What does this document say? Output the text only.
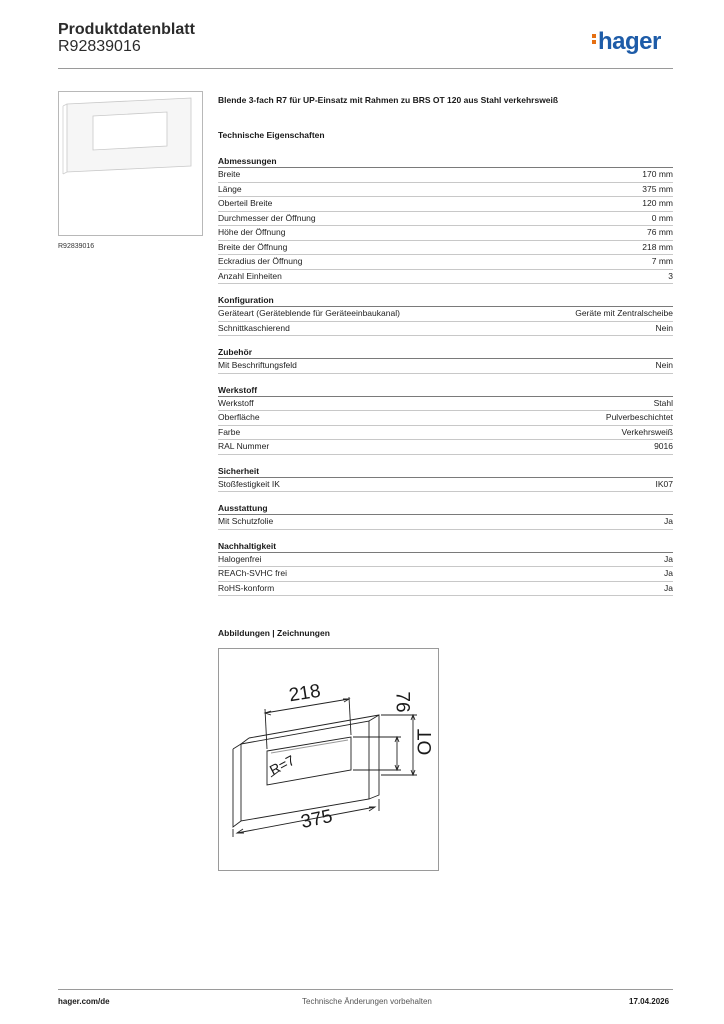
Produktdatenblatt
R92839016	hager
R92839016
Blende 3-fach R7 für UP-Einsatz mit Rahmen zu BRS OT 120 aus Stahl verkehrsweiß
Technische Eigenschaften
Abmessungen
Breite	170 mm
Länge	375 mm
Oberteil Breite	120 mm
Durchmesser der Öffnung	0 mm
Höhe der Öffnung	76 mm
Breite der Öffnung	218 mm
Eckradius der Öffnung	7 mm
Anzahl Einheiten	3
Konfiguration
Geräteart (Geräteblende für Geräteeinbaukanal)	Geräte mit Zentralscheibe
Schnittkaschierend	Nein
Zubehör
Mit Beschriftungsfeld	Nein
Werkstoff
Werkstoff	Stahl
Oberfläche	Pulverbeschichtet
Farbe	Verkehrsweiß
RAL Nummer	9016
Sicherheit
Stoßfestigkeit IK	IK07
Ausstattung
Mit Schutzfolie	Ja
Nachhaltigkeit
Halogenfrei	Ja
REACh-SVHC frei	Ja
RoHS-konform	Ja
Abbildungen | Zeichnungen
218	76
OT
R=7
375
hager.com/de	Technische Änderungen vorbehalten	17.04.2026
